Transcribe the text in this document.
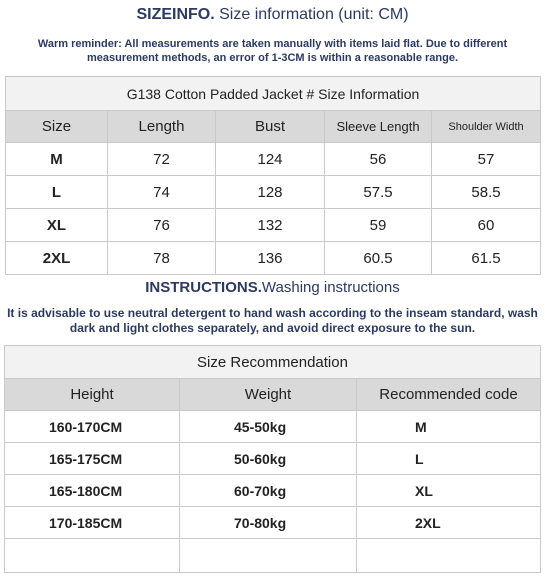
SIZEINFO. Size information (unit: CM)
Warm reminder: All measurements are taken manually with items laid flat. Due to different measurement methods, an error of 1-3CM is within a reasonable range.
G138 Cotton Padded Jacket # Size Information				
Size	Length	Bust	Sleeve Length	Shoulder Width
M	72	124	56	57
L	74	128	57.5	58.5
XL	76	132	59	60
2XL	78	136	60.5	61.5
INSTRUCTIONS.Washing instructions
It is advisable to use neutral detergent to hand wash according to the inseam standard, wash dark and light clothes separately, and avoid direct exposure to the sun.
Size Recommendation		
Height	Weight	Recommended code
160-170CM	45-50kg	M
165-175CM	50-60kg	L
165-180CM	60-70kg	XL
170-185CM	70-80kg	2XL
